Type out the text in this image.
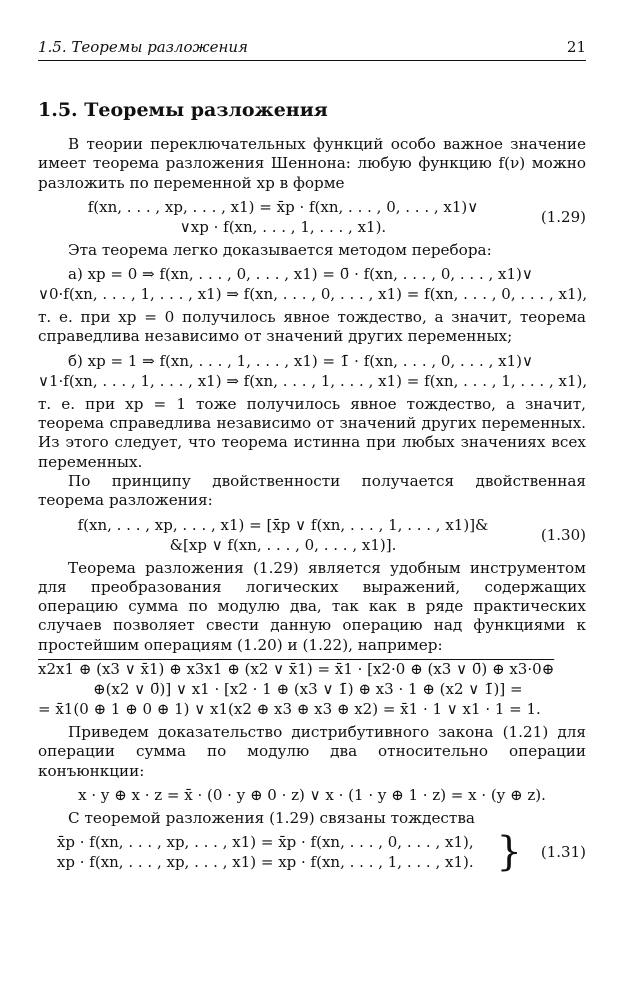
1.5. Теоремы разложения	21
1.5. Теоремы разложения

В теории переключательных функций особо важное значение имеет теорема разложения Шеннона: любую функцию f(ν) можно разложить по переменной xp в форме

f(xn, . . . , xp, . . . , x1) = x̄p · f(xn, . . . , 0, . . . , x1)∨
∨xp · f(xn, . . . , 1, . . . , x1).
(1.29)

Эта теорема легко доказывается методом перебора:

а) xp = 0 ⇒ f(xn, . . . , 0, . . . , x1) = 0̄ · f(xn, . . . , 0, . . . , x1)∨
∨0·f(xn, . . . , 1, . . . , x1) ⇒ f(xn, . . . , 0, . . . , x1) = f(xn, . . . , 0, . . . , x1),

т. е. при xp = 0 получилось явное тождество, а значит, теорема справедлива независимо от значений других переменных;

б) xp = 1 ⇒ f(xn, . . . , 1, . . . , x1) = 1̄ · f(xn, . . . , 0, . . . , x1)∨
∨1·f(xn, . . . , 1, . . . , x1) ⇒ f(xn, . . . , 1, . . . , x1) = f(xn, . . . , 1, . . . , x1),

т. е. при xp = 1 тоже получилось явное тождество, а значит, теорема справедлива независимо от значений других переменных. Из этого следует, что теорема истинна при любых значениях всех переменных.

По принципу двойственности получается двойственная теорема разложения:

f(xn, . . . , xp, . . . , x1) = [x̄p ∨ f(xn, . . . , 1, . . . , x1)]&
&[xp ∨ f(xn, . . . , 0, . . . , x1)].
(1.30)

Теорема разложения (1.29) является удобным инструментом для преобразования логических выражений, содержащих операцию сумма по модулю два, так как в ряде практических случаев позволяет свести данную операцию над функциями к простейшим операциям (1.20) и (1.22), например:

x2x1 ⊕ (x3 ∨ x̄1) ⊕ x3x1 ⊕ (x2 ∨ x̄1) = x̄1 · [x2·0 ⊕ (x3 ∨ 0̄) ⊕ x3·0⊕
⊕(x2 ∨ 0̄)] ∨ x1 · [x2 · 1 ⊕ (x3 ∨ 1̄) ⊕ x3 · 1 ⊕ (x2 ∨ 1̄)] =
= x̄1(0 ⊕ 1 ⊕ 0 ⊕ 1) ∨ x1(x2 ⊕ x3 ⊕ x3 ⊕ x2) = x̄1 · 1 ∨ x1 · 1 = 1.

Приведем доказательство дистрибутивного закона (1.21) для операции сумма по модулю два относительно операции конъюнкции:

x · y ⊕ x · z = x̄ · (0 · y ⊕ 0 · z) ∨ x · (1 · y ⊕ 1 · z) = x · (y ⊕ z).

С теоремой разложения (1.29) связаны тождества

x̄p · f(xn, . . . , xp, . . . , x1) = x̄p · f(xn, . . . , 0, . . . , x1),
xp · f(xn, . . . , xp, . . . , x1) = xp · f(xn, . . . , 1, . . . , x1). }	(1.31)
